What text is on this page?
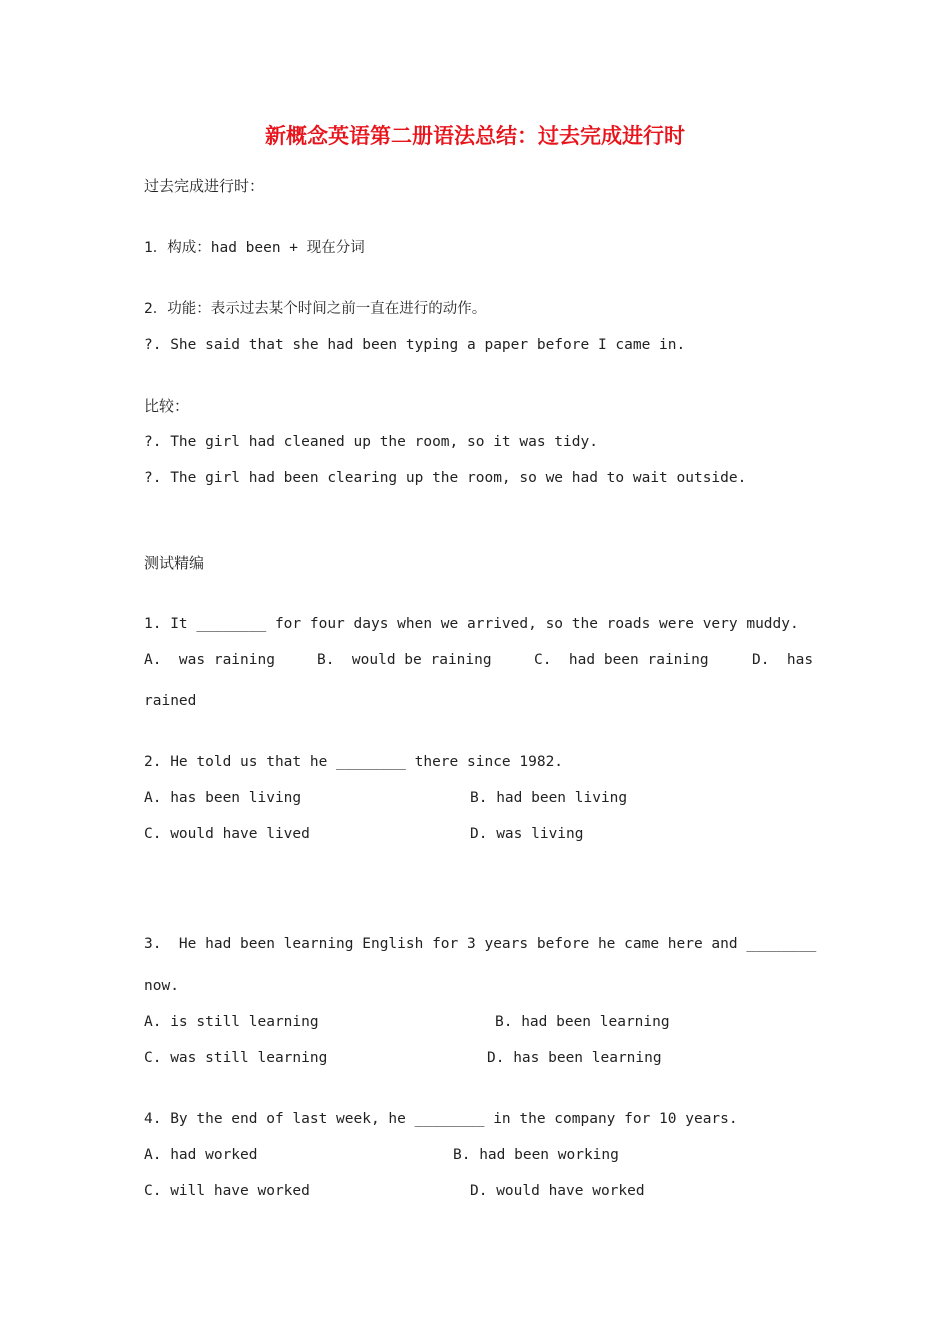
新概念英语第二册语法总结：过去完成进行时
过去完成进行时：
1．构成：had been + 现在分词
2．功能：表示过去某个时间之前一直在进行的动作。
?. She said that she had been typing a paper before I came in.
比较：
?. The girl had cleaned up the room, so it was tidy.
?. The girl had been clearing up the room, so we had to wait outside.
测试精编
1. It ________ for four days when we arrived, so the roads were very muddy.
A.  was raining	B.  would be raining	C.  had been raining	D.  has
rained
2. He told us that he ________ there since 1982.
A. has been living	B. had been living
C. would have lived	D. was living
3.  He had been learning English for 3 years before he came here and ________
now.
A. is still learning	B. had been learning
C. was still learning	D. has been learning
4. By the end of last week, he ________ in the company for 10 years.
A. had worked	B. had been working
C. will have worked	D. would have worked
